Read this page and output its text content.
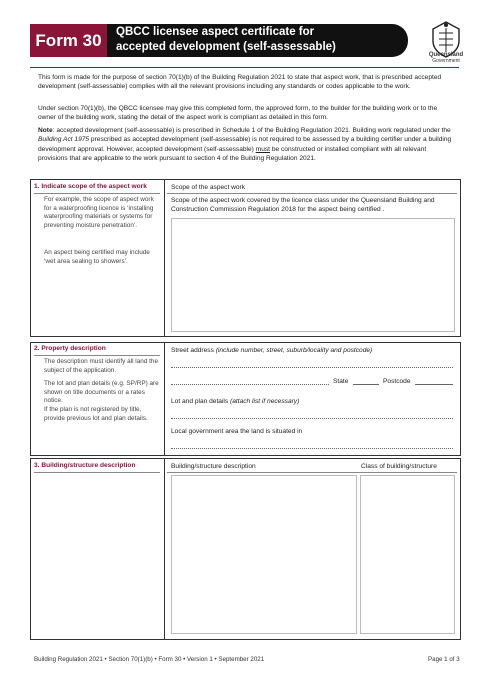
Form 30	QBCC licensee aspect certificate for
accepted development (self-assessable)
Queensland
Government
This form is made for the purpose of section 70(1)(b) of the Building Regulation 2021 to state that aspect work, that is prescribed accepted development (self-assessable) complies with all the relevant provisions including any standards or codes applicable to the work.
Under section 70(1)(b), the QBCC licensee may give this completed form, the approved form, to the builder for the building work or to the owner of the building work, stating the detail of the aspect work is compliant as detailed in this form.
Note: accepted development (self-assessable) is prescribed in Schedule 1 of the Building Regulation 2021. Building work regulated under the Building Act 1975 prescribed as accepted development (self-assessable) is not required to be assessed by a building certifier under a building development approval. However, accepted development (self-assessable) must be constructed or installed compliant with all relevant provisions that are applicable to the work pursuant to section 4 of the Building Regulation 2021.
1. Indicate scope of the aspect work
For example, the scope of aspect work for a waterproofing licence is ‘installing waterproofing materials or systems for preventing moisture penetration’.
An aspect being certified may include ‘wet area sealing to showers’.
Scope of the aspect work
Scope of the aspect work covered by the licence class under the Queensland Building and Construction Commission Regulation 2018 for the aspect being certified .
2. Property description
The description must identify all land the subject of the application.
The lot and plan details (e.g. SP/RP) are shown on title documents or a rates notice.
If the plan is not registered by title, provide previous lot and plan details.
Street address (include number, street, suburb/locality and postcode)
State	Postcode
Lot and plan details (attach list if necessary)
Local government area the land is situated in
3. Building/structure description	Building/structure description	Class of building/structure
Building Regulation 2021 • Section 70(1)(b) • Form 30 • Version 1 • September 2021	Page 1 of 3
